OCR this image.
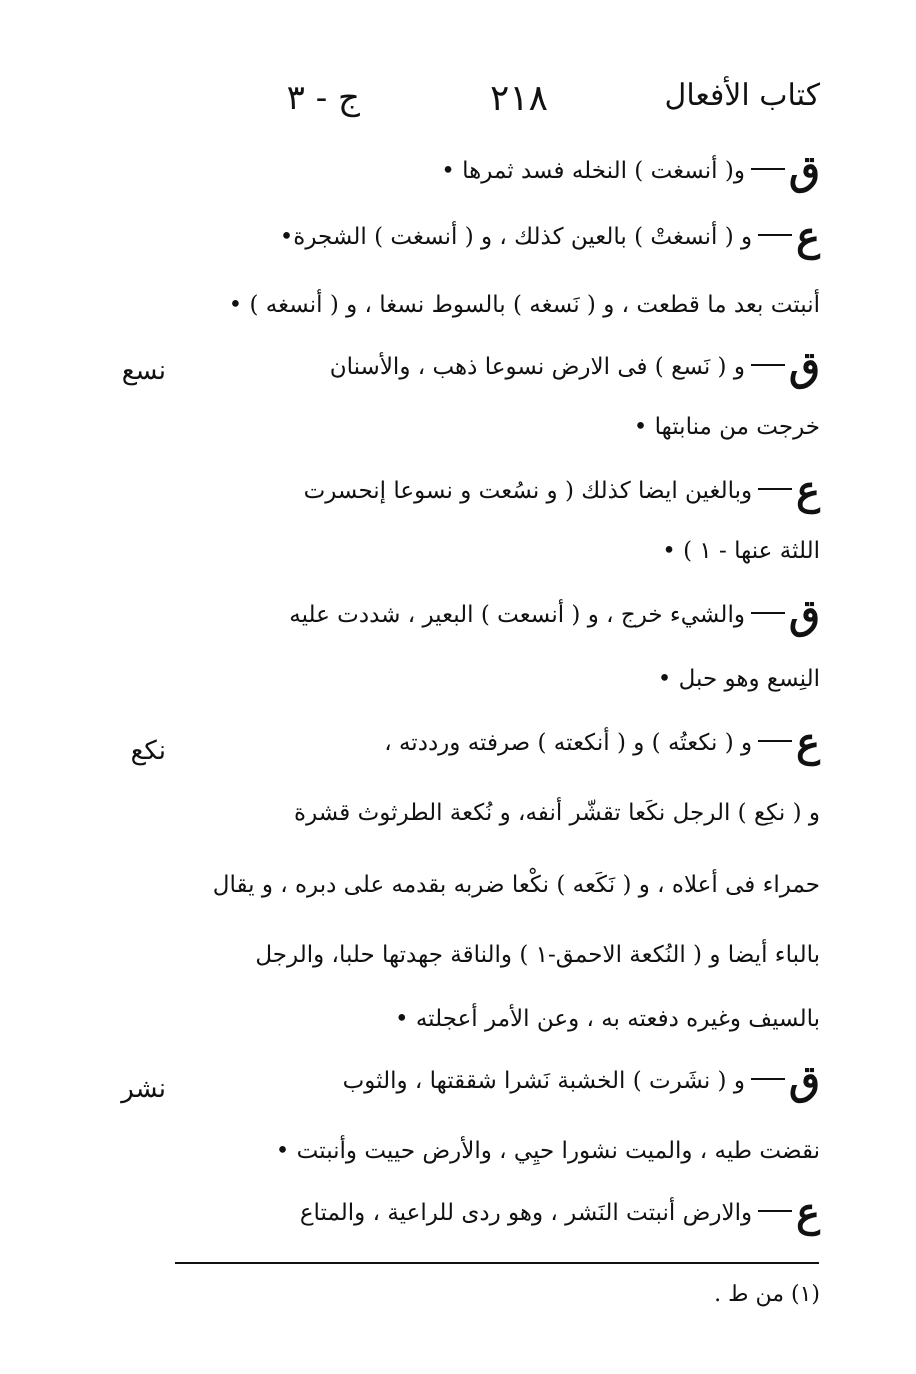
كتاب الأفعال
٢١٨
ج - ٣
قو( أنسغت ) النخله فسد ثمرها •
عو ( أنسغتْ ) بالعين كذلك ، و ( أنسغت ) الشجرة•
أنبتت بعد ما قطعت ، و ( نَسغه ) بالسوط نسغا ، و ( أنسغه ) •
قو ( نَسع ) فى الارض نسوعا ذهب ، والأسنان
نسع
خرجت من منابتها •
عوبالغين ايضا كذلك ( و نسُعت و نسوعا إنحسرت
اللثة عنها - ١ ) •
قوالشيء خرج ، و ( أنسعت ) البعير ، شددت عليه
النِسع وهو حبل •
عو ( نكعتُه ) و ( أنكعته ) صرفته ورددته ،
نكع
و ( نكِع ) الرجل نكَعا تقشّر أنفه، و نُكعة الطرثوث قشرة
حمراء فى أعلاه ، و ( نَكَعه ) نكْعا ضربه بقدمه على دبره ، و يقال
بالباء أيضا و ( النُكعة الاحمق-١ ) والناقة جهدتها حلبا، والرجل
بالسيف وغيره دفعته به ، وعن الأمر أعجلته •
قو ( نشَرت ) الخشبة نَشرا شققتها ، والثوب
نشر
نقضت طيه ، والميت نشورا حيِي ، والأرض حييت وأنبتت •
عوالارض أنبتت النَشر ، وهو ردى للراعية ، والمتاع
(١) من ط .
